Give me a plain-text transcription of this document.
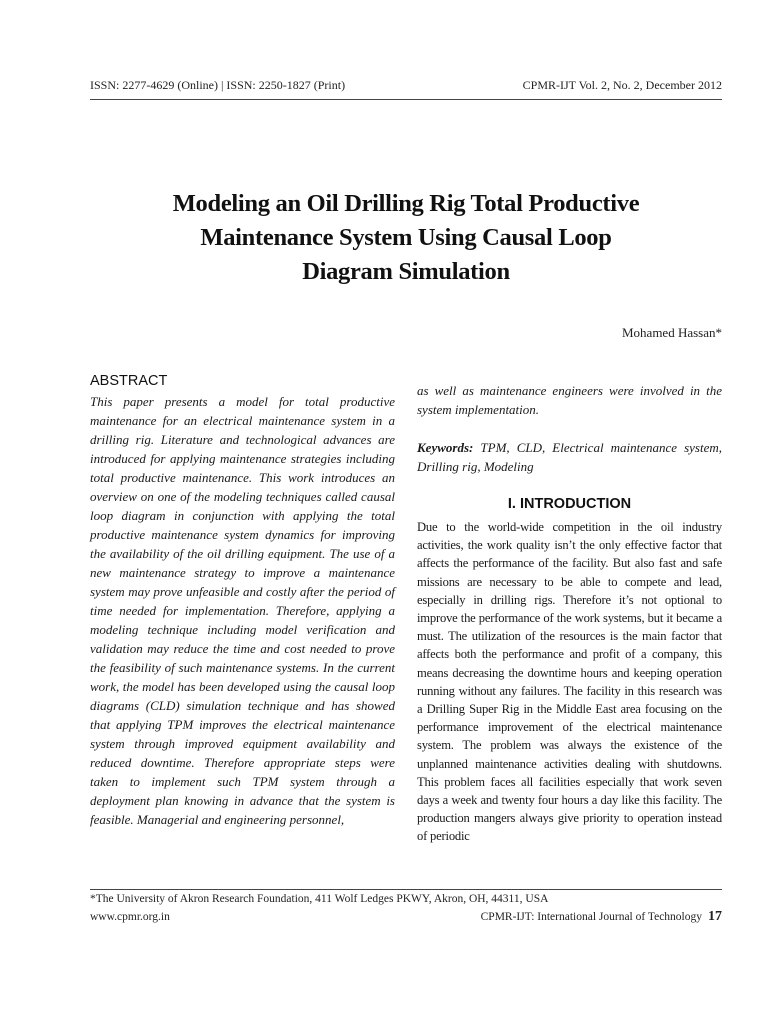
ISSN: 2277-4629 (Online) | ISSN: 2250-1827 (Print)	CPMR-IJT Vol. 2, No. 2, December 2012
Modeling an Oil Drilling Rig Total Productive
Maintenance System Using Causal Loop
Diagram Simulation
Mohamed Hassan*
ABSTRACT

This paper presents a model for total productive maintenance for an electrical maintenance system in a drilling rig. Literature and technological advances are introduced for applying maintenance strategies including total productive maintenance. This work introduces an overview on one of the modeling techniques called causal loop diagram in conjunction with applying the total productive maintenance system dynamics for improving the availability of the oil drilling equipment. The use of a new maintenance strategy to improve a maintenance system may prove unfeasible and costly after the period of time needed for implementation. Therefore, applying a modeling technique including model verification and validation may reduce the time and cost needed to prove the feasibility of such maintenance systems. In the current work, the model has been developed using the causal loop diagrams (CLD) simulation technique and has showed that applying TPM improves the electrical maintenance system through improved equipment availability and reduced downtime. Therefore appropriate steps were taken to implement such TPM system through a deployment plan knowing in advance that the system is feasible. Managerial and engineering personnel,

as well as maintenance engineers were involved in the system implementation.

Keywords: TPM, CLD, Electrical maintenance system, Drilling rig, Modeling

I. INTRODUCTION

Due to the world-wide competition in the oil industry activities, the work quality isn’t the only effective factor that affects the performance of the facility. But also fast and safe missions are necessary to be able to compete and lead, especially in drilling rigs. Therefore it’s not optional to improve the performance of the work systems, but it became a must. The utilization of the resources is the main factor that affects both the performance and profit of a company, this means decreasing the downtime hours and keeping operation running without any failures. The facility in this research was a Drilling Super Rig in the Middle East area focusing on the performance improvement of the electrical maintenance system. The problem was always the existence of the unplanned maintenance activities dealing with shutdowns. This problem faces all facilities especially that work seven days a week and twenty four hours a day like this facility. The production mangers always give priority to operation instead of periodic

*The University of Akron Research Foundation, 411 Wolf Ledges PKWY, Akron, OH, 44311, USA
www.cpmr.org.in	CPMR-IJT: International Journal of Technology 17
